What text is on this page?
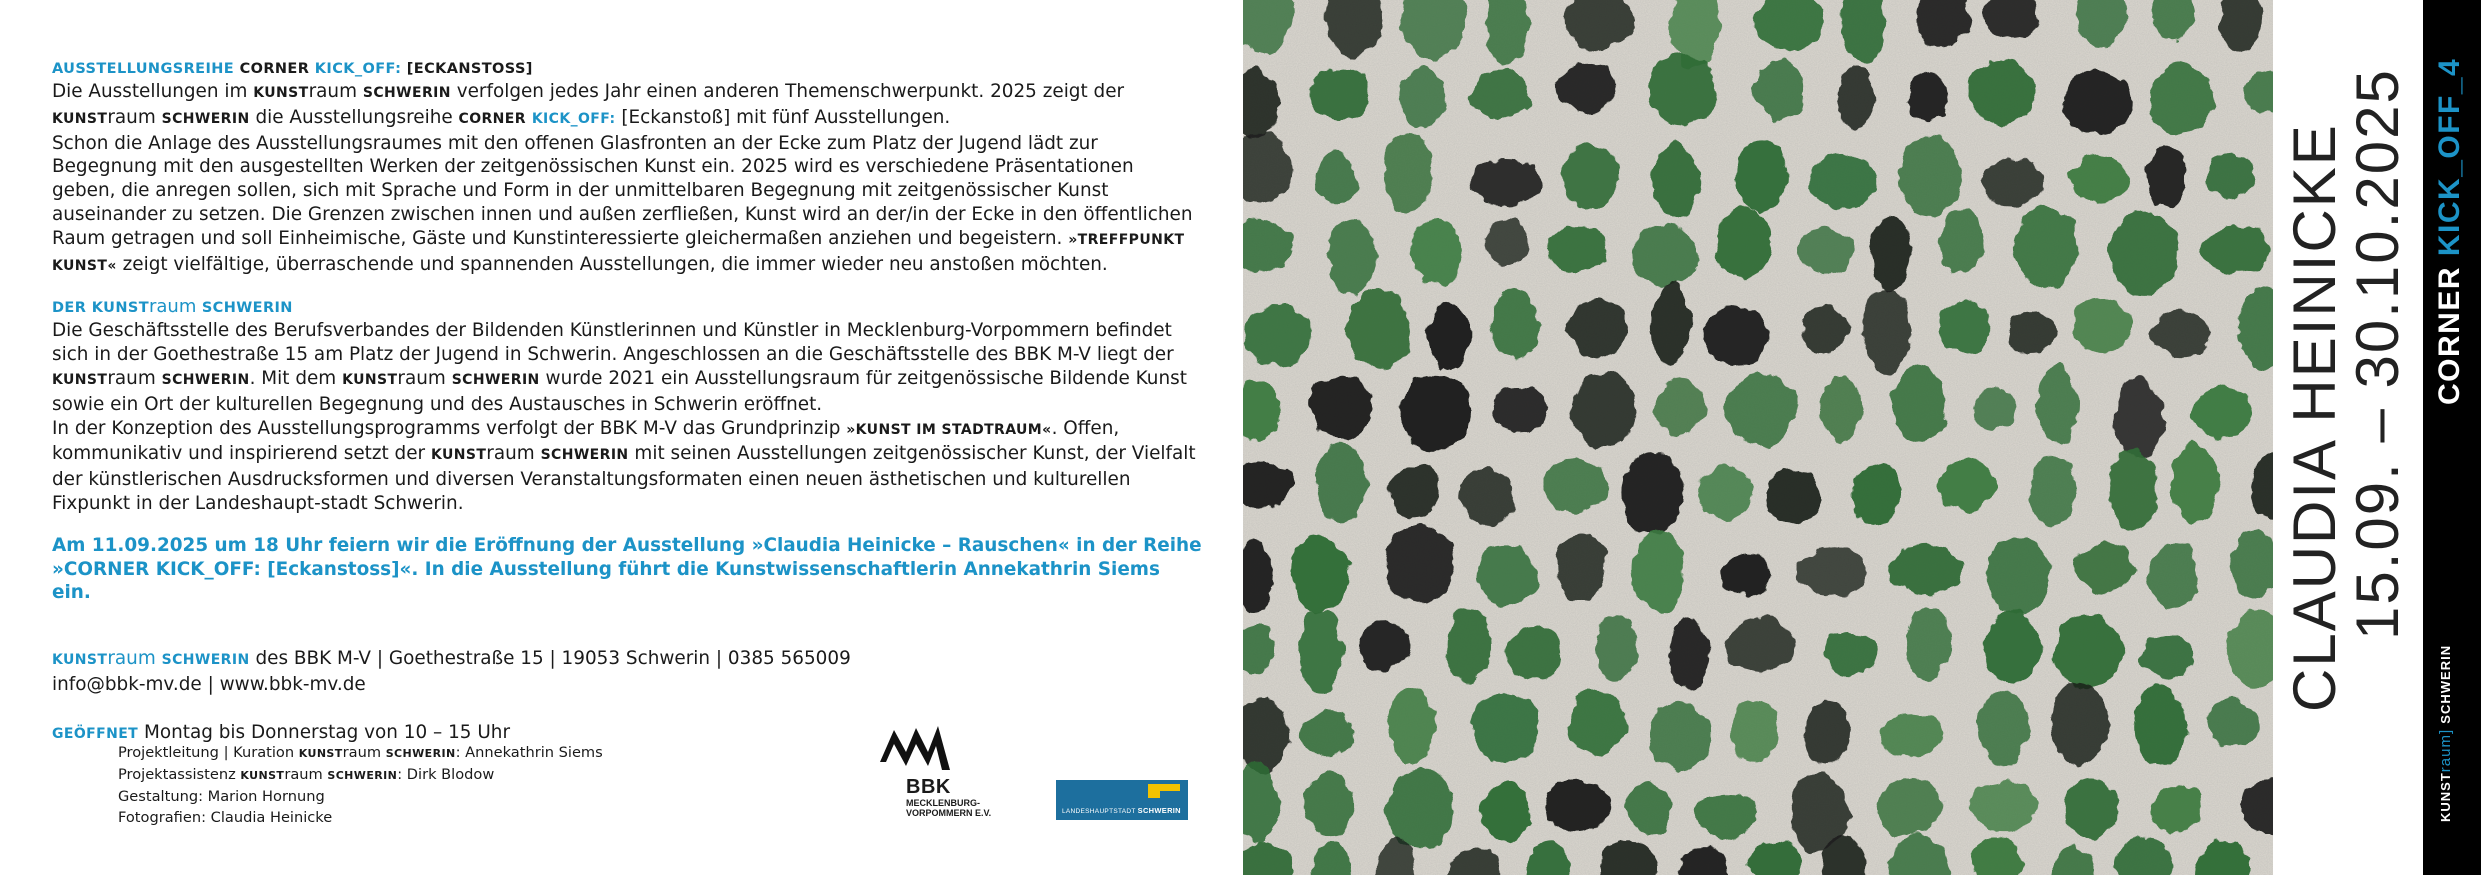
AUSSTELLUNGSREIHE CORNER KICK_OFF: [ECKANSTOSS]

Die Ausstellungen im KUNSTraum SCHWERIN verfolgen jedes Jahr einen anderen Themenschwerpunkt. 2025 zeigt der KUNSTraum SCHWERIN die Ausstellungsreihe CORNER KICK_OFF: [Eckanstoß] mit fünf Ausstellungen.

Schon die Anlage des Ausstellungsraumes mit den offenen Glasfronten an der Ecke zum Platz der Jugend lädt zur Begegnung mit den ausgestellten Werken der zeitgenössischen Kunst ein. 2025 wird es verschiedene Präsentationen geben, die anregen sollen, sich mit Sprache und Form in der unmittelbaren Begegnung mit zeitgenössischer Kunst auseinander zu setzen. Die Grenzen zwischen innen und außen zerfließen, Kunst wird an der/in der Ecke in den öffentlichen Raum getragen und soll Einheimische, Gäste und Kunstinteressierte gleichermaßen anziehen und begeistern. »TREFFPUNKT KUNST« zeigt vielfältige, überraschende und spannenden Ausstellungen, die immer wieder neu anstoßen möchten.

DER KUNSTraum SCHWERIN

Die Geschäftsstelle des Berufsverbandes der Bildenden Künstlerinnen und Künstler in Mecklenburg-Vorpommern befindet sich in der Goethestraße 15 am Platz der Jugend in Schwerin. Angeschlossen an die Geschäftsstelle des BBK M-V liegt der KUNSTraum SCHWERIN. Mit dem KUNSTraum SCHWERIN wurde 2021 ein Ausstellungsraum für zeitgenössische Bildende Kunst sowie ein Ort der kulturellen Begegnung und des Austausches in Schwerin eröffnet.

In der Konzeption des Ausstellungsprogramms verfolgt der BBK M-V das Grundprinzip »KUNST IM STADTRAUM«. Offen, kommunikativ und inspirierend setzt der KUNSTraum SCHWERIN mit seinen Ausstellungen zeitgenössischer Kunst, der Vielfalt der künstlerischen Ausdrucksformen und diversen Veranstaltungsformaten einen neuen ästhetischen und kulturellen Fixpunkt in der Landeshaupt-stadt Schwerin.

Am 11.09.2025 um 18 Uhr feiern wir die Eröffnung der Ausstellung »Claudia Heinicke – Rauschen« in der Reihe

»CORNER KICK_OFF: [Eckanstoss]«. In die Ausstellung führt die Kunstwissenschaftlerin Annekathrin Siems ein.

KUNSTraum SCHWERIN des BBK M-V | Goethestraße 15 | 19053 Schwerin | 0385 565009

info@bbk-mv.de | www.bbk-mv.de

GEÖFFNET Montag bis Donnerstag von 10 – 15 Uhr

Projektleitung | Kuration KUNSTraum SCHWERIN: Annekathrin Siems
Projektassistenz KUNSTraum SCHWERIN: Dirk Blodow
Gestaltung: Marion Hornung
Fotografien: Claudia Heinicke
BBK
MECKLENBURG-
VORPOMMERN E.V.	LANDESHAUPTSTADT SCHWERIN
CLAUDIA HEINICKE
15.09. – 30.10.2025 CORNER KICK_OFF_4
KUNSTraum] SCHWERIN
